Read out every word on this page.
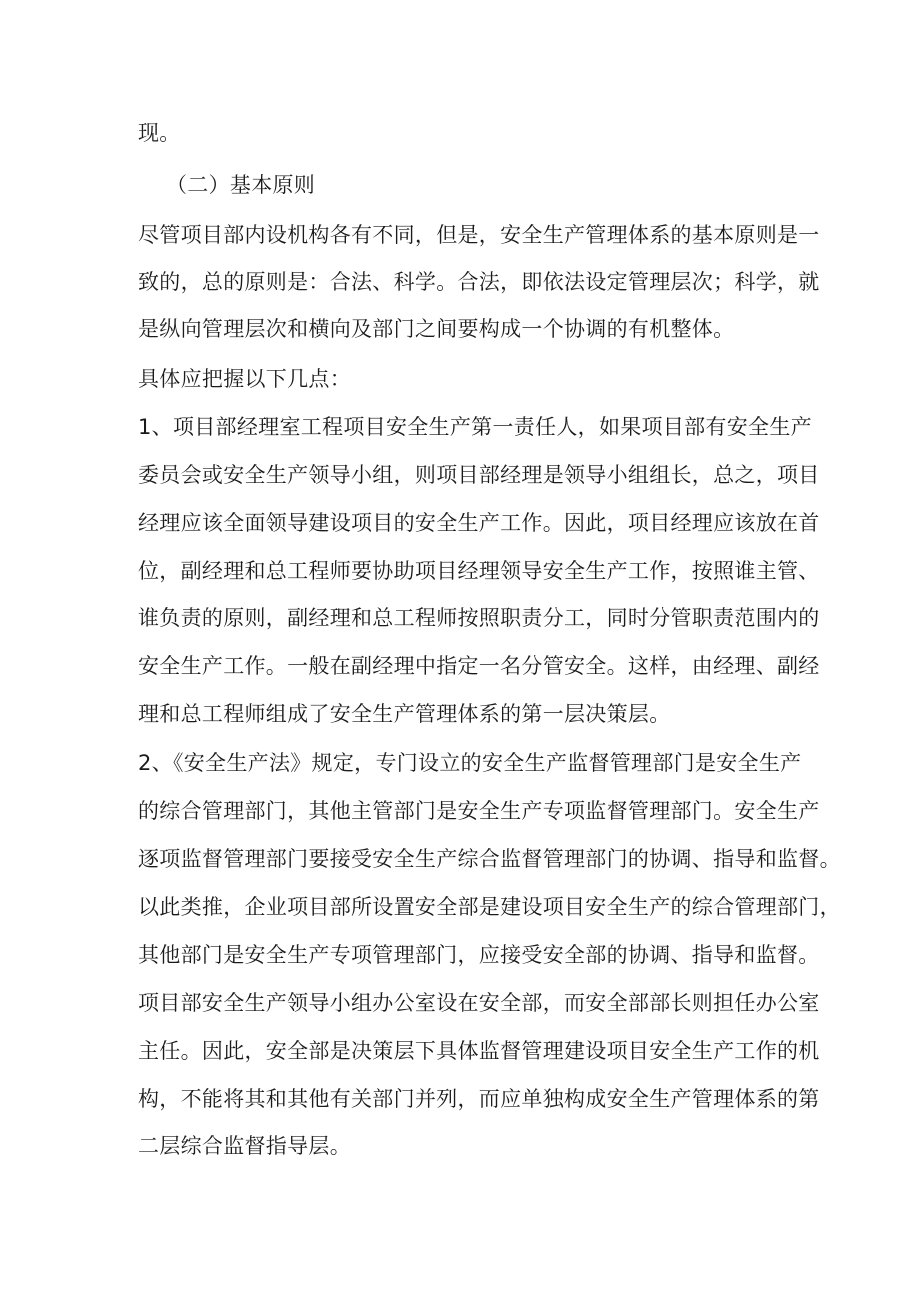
现。
（二）基本原则
尽管项目部内设机构各有不同，但是，安全生产管理体系的基本原则是一
致的，总的原则是：合法、科学。合法，即依法设定管理层次；科学，就
是纵向管理层次和横向及部门之间要构成一个协调的有机整体。
具体应把握以下几点：
1、项目部经理室工程项目安全生产第一责任人，如果项目部有安全生产
委员会或安全生产领导小组，则项目部经理是领导小组组长，总之，项目
经理应该全面领导建设项目的安全生产工作。因此，项目经理应该放在首
位，副经理和总工程师要协助项目经理领导安全生产工作，按照谁主管、
谁负责的原则，副经理和总工程师按照职责分工，同时分管职责范围内的
安全生产工作。一般在副经理中指定一名分管安全。这样，由经理、副经
理和总工程师组成了安全生产管理体系的第一层决策层。
2、《安全生产法》规定，专门设立的安全生产监督管理部门是安全生产
的综合管理部门，其他主管部门是安全生产专项监督管理部门。安全生产
逐项监督管理部门要接受安全生产综合监督管理部门的协调、指导和监督。
以此类推，企业项目部所设置安全部是建设项目安全生产的综合管理部门，
其他部门是安全生产专项管理部门，应接受安全部的协调、指导和监督。
项目部安全生产领导小组办公室设在安全部，而安全部部长则担任办公室
主任。因此，安全部是决策层下具体监督管理建设项目安全生产工作的机
构，不能将其和其他有关部门并列，而应单独构成安全生产管理体系的第
二层综合监督指导层。
